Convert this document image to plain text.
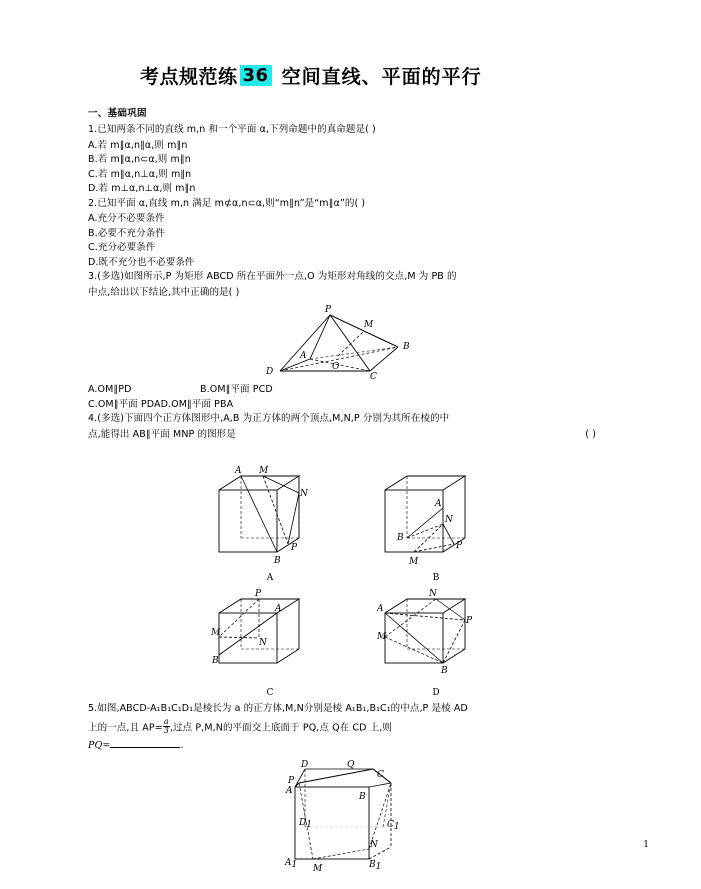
考点规范练 36 空间直线、平面的平行
一、基础巩固
1.已知两条不同的直线 m,n 和一个平面 α,下列命题中的真命题是( )
A.若 m∥α,n∥α,则 m∥n
B.若 m∥α,n⊂α,则 m∥n
C.若 m∥α,n⊥α,则 m∥n
D.若 m⊥α,n⊥α,则 m∥n
2.已知平面 α,直线 m,n 满足 m⊄α,n⊂α,则“m∥n”是“m∥α”的( )
A.充分不必要条件
B.必要不充分条件
C.充分必要条件
D.既不充分也不必要条件
3.(多选)如图所示,P 为矩形 ABCD 所在平面外一点,O 为矩形对角线的交点,M 为 PB 的
中点,给出以下结论,其中正确的是( )
P
M
A
B
D	O
C
A.OM∥PD	B.OM∥平面 PCD
C.OM∥平面 PDAD.OM∥平面 PBA
4.(多选)下面四个正方体图形中,A,B 为正方体的两个顶点,M,N,P 分别为其所在棱的中
点,能得出 AB∥平面 MNP 的图形是	( )
A M
N
P
B
A
A
B
N
P
M
B
P
A
M
N
B
C
N
A
P
M
B
D
5.如图,ABCD-A₁B₁C₁D₁是棱长为 a 的正方体,M,N分别是棱 A₁B₁,B₁C₁的中点,P 是棱 AD
上的一点,且 $AP= \frac{a}{3}$ ,过点 P,M,N的平面交上底面于 PQ,点 Q在 CD 上,则
PQ=	.
D	Q
C
P
A
B
D1	C1
N
A1 M	B1
1
